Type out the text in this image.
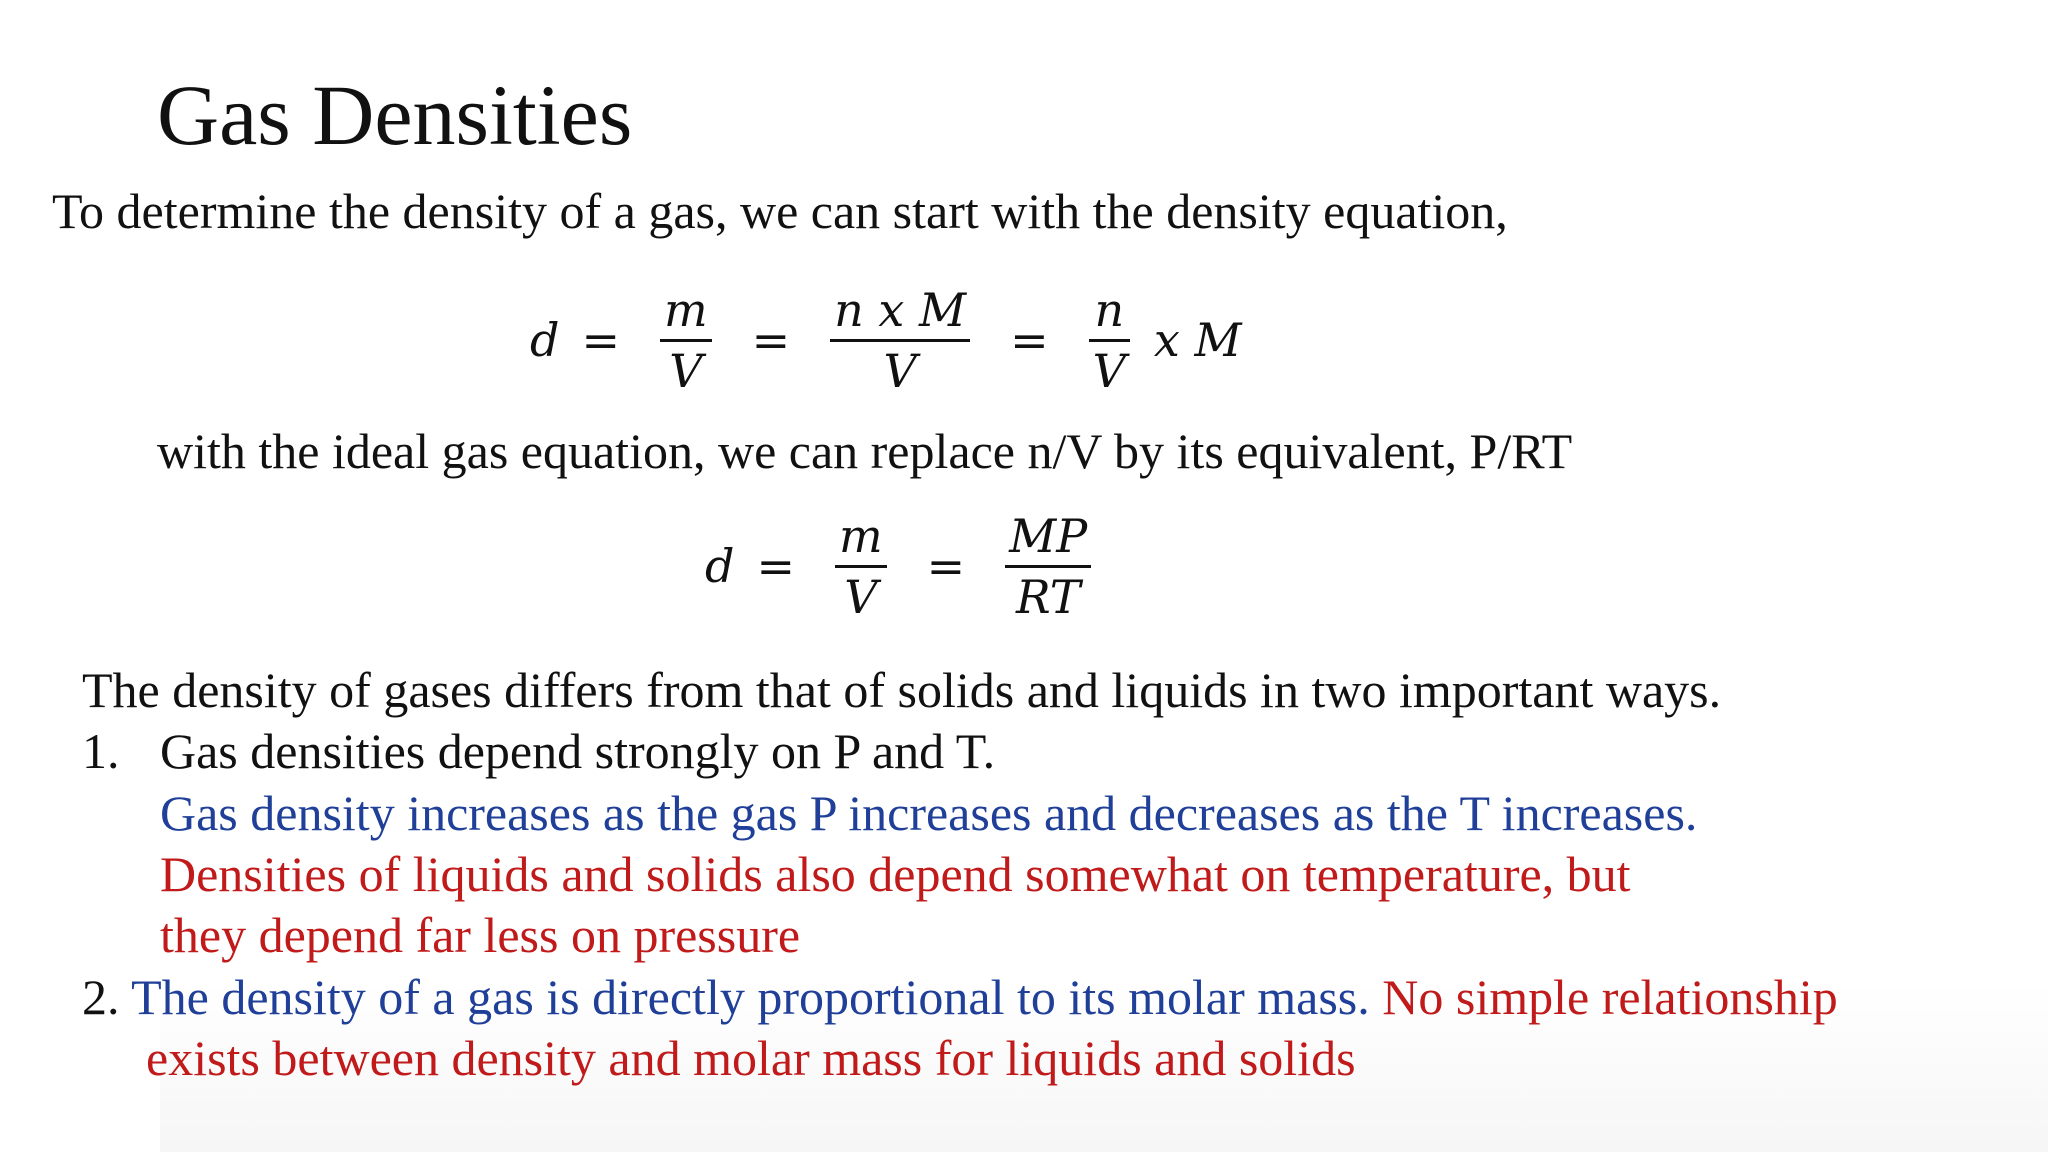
Gas Densities
To determine the density of a gas, we can start with the density equation,
$d = \frac{m}{V} = \frac{\text{n x M}}{V} = \frac{n}{V}$ x M
with the ideal gas equation, we can replace n/V by its equivalent, P/RT
$d = \frac{m}{V} = \frac{MP}{RT}$
The density of gases differs from that of solids and liquids in two important ways.
1. Gas densities depend strongly on P and T.
Gas density increases as the gas P increases and decreases as the T increases.
Densities of liquids and solids also depend somewhat on temperature, but
they depend far less on pressure
2. The density of a gas is directly proportional to its molar mass. No simple relationship
exists between density and molar mass for liquids and solids
